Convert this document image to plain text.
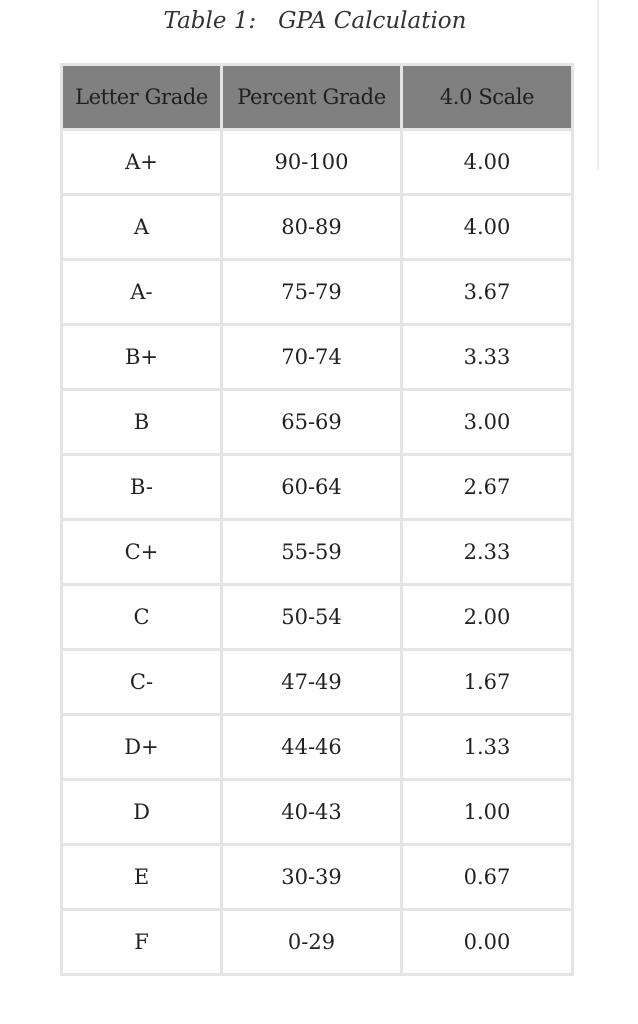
Table 1:   GPA Calculation
Letter Grade	Percent Grade	4.0 Scale
A+	90-100	4.00
A	80-89	4.00
A-	75-79	3.67
B+	70-74	3.33
B	65-69	3.00
B-	60-64	2.67
C+	55-59	2.33
C	50-54	2.00
C-	47-49	1.67
D+	44-46	1.33
D	40-43	1.00
E	30-39	0.67
F	0-29	0.00
